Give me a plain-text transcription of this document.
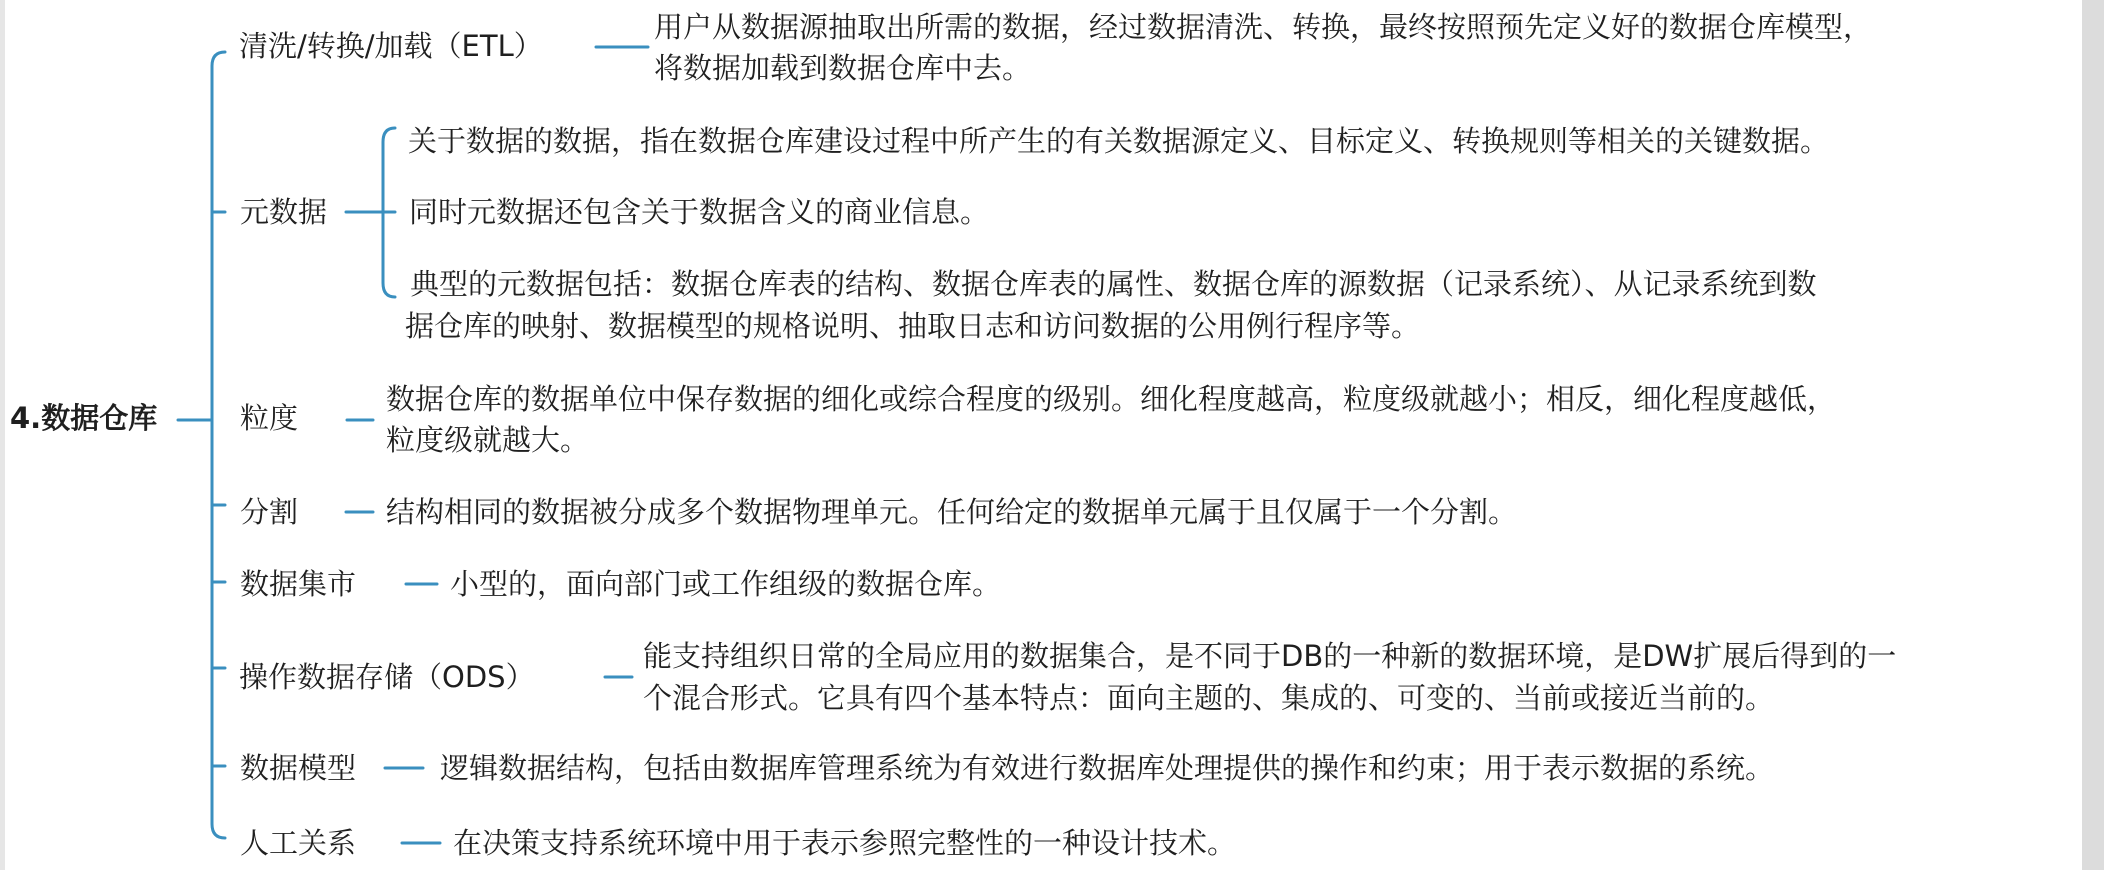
4.数据仓库
清洗/转换/加载（ETL）
用户从数据源抽取出所需的数据，经过数据清洗、转换，最终按照预先定义好的数据仓库模型，
将数据加载到数据仓库中去。
元数据
关于数据的数据，指在数据仓库建设过程中所产生的有关数据源定义、目标定义、转换规则等相关的关键数据。
同时元数据还包含关于数据含义的商业信息。
典型的元数据包括：数据仓库表的结构、数据仓库表的属性、数据仓库的源数据（记录系统）、从记录系统到数
据仓库的映射、数据模型的规格说明、抽取日志和访问数据的公用例行程序等。
粒度
数据仓库的数据单位中保存数据的细化或综合程度的级别。细化程度越高，粒度级就越小；相反，细化程度越低，
粒度级就越大。
分割	结构相同的数据被分成多个数据物理单元。任何给定的数据单元属于且仅属于一个分割。
数据集市	小型的，面向部门或工作组级的数据仓库。
操作数据存储（ODS）
能支持组织日常的全局应用的数据集合，是不同于DB的一种新的数据环境，是DW扩展后得到的一
个混合形式。它具有四个基本特点：面向主题的、集成的、可变的、当前或接近当前的。
数据模型	逻辑数据结构，包括由数据库管理系统为有效进行数据库处理提供的操作和约束；用于表示数据的系统。
人工关系	在决策支持系统环境中用于表示参照完整性的一种设计技术。
